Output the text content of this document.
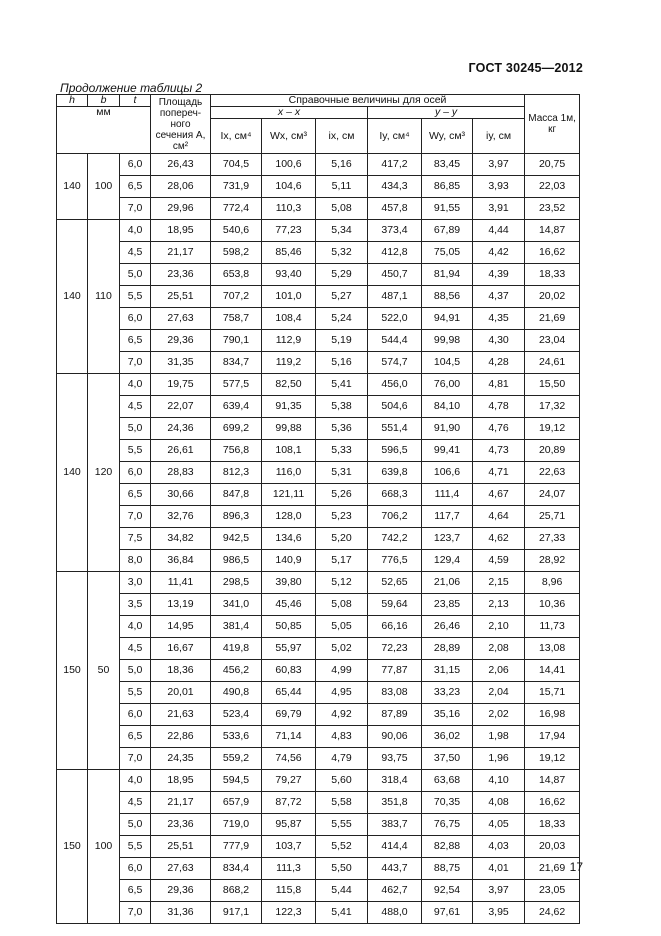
ГОСТ 30245—2012
Продолжение таблицы 2
h	b	t	Площадь попереч-ного сечения A, см²	Справочные величины для осей						Масса 1м, кг
мм				x – x			y – y			
				Ix, см⁴	Wx, см³	ix, см	Iy, см⁴	Wy, см³	iy, см	
140	100	6,0	26,43	704,5	100,6	5,16	417,2	83,45	3,97	20,75
		6,5	28,06	731,9	104,6	5,11	434,3	86,85	3,93	22,03
		7,0	29,96	772,4	110,3	5,08	457,8	91,55	3,91	23,52
140	110	4,0	18,95	540,6	77,23	5,34	373,4	67,89	4,44	14,87
		4,5	21,17	598,2	85,46	5,32	412,8	75,05	4,42	16,62
		5,0	23,36	653,8	93,40	5,29	450,7	81,94	4,39	18,33
		5,5	25,51	707,2	101,0	5,27	487,1	88,56	4,37	20,02
		6,0	27,63	758,7	108,4	5,24	522,0	94,91	4,35	21,69
		6,5	29,36	790,1	112,9	5,19	544,4	99,98	4,30	23,04
		7,0	31,35	834,7	119,2	5,16	574,7	104,5	4,28	24,61
140	120	4,0	19,75	577,5	82,50	5,41	456,0	76,00	4,81	15,50
		4,5	22,07	639,4	91,35	5,38	504,6	84,10	4,78	17,32
		5,0	24,36	699,2	99,88	5,36	551,4	91,90	4,76	19,12
		5,5	26,61	756,8	108,1	5,33	596,5	99,41	4,73	20,89
		6,0	28,83	812,3	116,0	5,31	639,8	106,6	4,71	22,63
		6,5	30,66	847,8	121,11	5,26	668,3	111,4	4,67	24,07
		7,0	32,76	896,3	128,0	5,23	706,2	117,7	4,64	25,71
		7,5	34,82	942,5	134,6	5,20	742,2	123,7	4,62	27,33
		8,0	36,84	986,5	140,9	5,17	776,5	129,4	4,59	28,92
150	50	3,0	11,41	298,5	39,80	5,12	52,65	21,06	2,15	8,96
		3,5	13,19	341,0	45,46	5,08	59,64	23,85	2,13	10,36
		4,0	14,95	381,4	50,85	5,05	66,16	26,46	2,10	11,73
		4,5	16,67	419,8	55,97	5,02	72,23	28,89	2,08	13,08
		5,0	18,36	456,2	60,83	4,99	77,87	31,15	2,06	14,41
		5,5	20,01	490,8	65,44	4,95	83,08	33,23	2,04	15,71
		6,0	21,63	523,4	69,79	4,92	87,89	35,16	2,02	16,98
		6,5	22,86	533,6	71,14	4,83	90,06	36,02	1,98	17,94
		7,0	24,35	559,2	74,56	4,79	93,75	37,50	1,96	19,12
150	100	4,0	18,95	594,5	79,27	5,60	318,4	63,68	4,10	14,87
		4,5	21,17	657,9	87,72	5,58	351,8	70,35	4,08	16,62
		5,0	23,36	719,0	95,87	5,55	383,7	76,75	4,05	18,33
		5,5	25,51	777,9	103,7	5,52	414,4	82,88	4,03	20,03
		6,0	27,63	834,4	111,3	5,50	443,7	88,75	4,01	21,69
		6,5	29,36	868,2	115,8	5,44	462,7	92,54	3,97	23,05
		7,0	31,36	917,1	122,3	5,41	488,0	97,61	3,95	24,62
17
